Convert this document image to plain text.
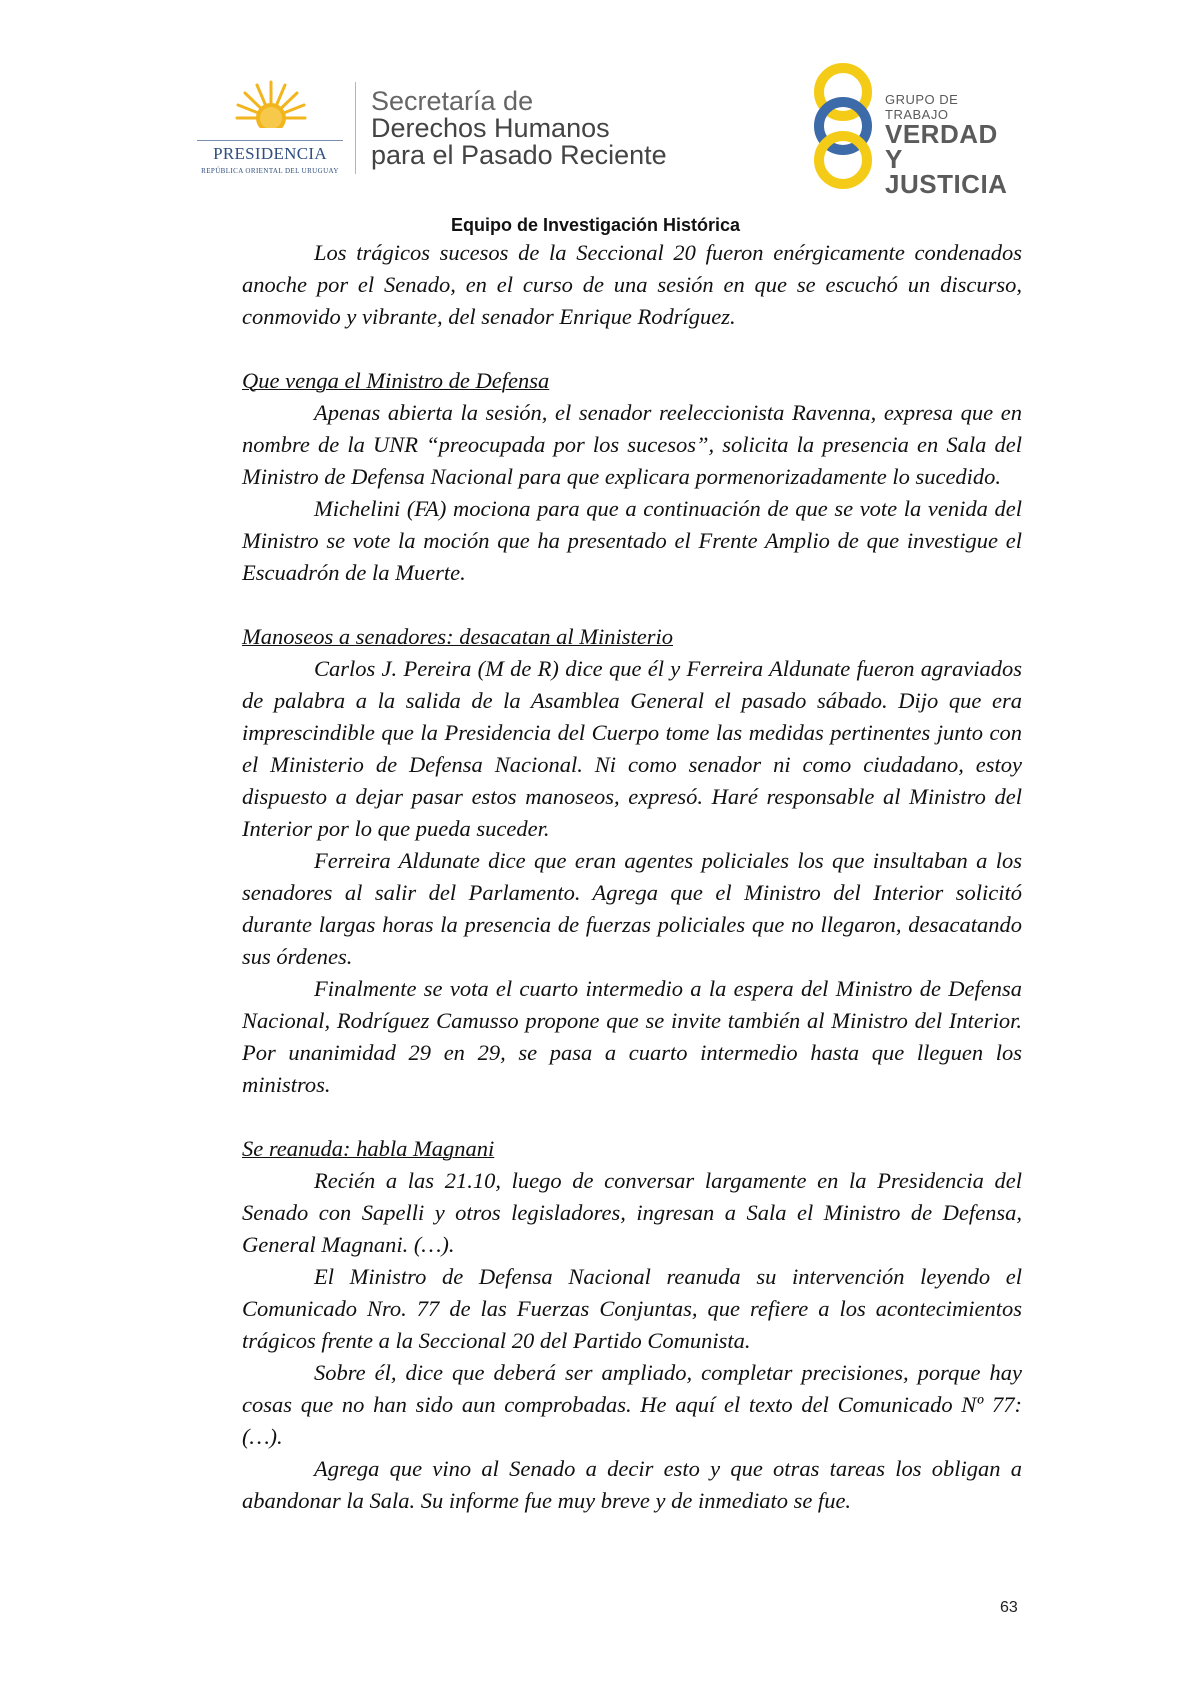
PRESIDENCIA
REPÚBLICA ORIENTAL DEL URUGUAY
Secretaría de
Derechos Humanos
para el Pasado Reciente
GRUPO DE TRABAJO
VERDAD Y
JUSTICIA
Equipo de Investigación Histórica

Los trágicos sucesos de la Seccional 20 fueron enérgicamente condenados anoche por el Senado, en el curso de una sesión en que se escuchó un discurso, conmovido y vibrante, del senador Enrique Rodríguez.

Que venga el Ministro de Defensa

Apenas abierta la sesión, el senador reeleccionista Ravenna, expresa que en nombre de la UNR “preocupada por los sucesos”, solicita la presencia en Sala del Ministro de Defensa Nacional para que explicara pormenorizadamente lo sucedido.

Michelini (FA) mociona para que a continuación de que se vote la venida del Ministro se vote la moción que ha presentado el Frente Amplio de que investigue el Escuadrón de la Muerte.

Manoseos a senadores: desacatan al Ministerio

Carlos J. Pereira (M de R) dice que él y Ferreira Aldunate fueron agraviados de palabra a la salida de la Asamblea General el pasado sábado. Dijo que era imprescindible que la Presidencia del Cuerpo tome las medidas pertinentes junto con el Ministerio de Defensa Nacional. Ni como senador ni como ciudadano, estoy dispuesto a dejar pasar estos manoseos, expresó. Haré responsable al Ministro del Interior por lo que pueda suceder.

Ferreira Aldunate dice que eran agentes policiales los que insultaban a los senadores al salir del Parlamento. Agrega que el Ministro del Interior solicitó durante largas horas la presencia de fuerzas policiales que no llegaron, desacatando sus órdenes.

Finalmente se vota el cuarto intermedio a la espera del Ministro de Defensa Nacional, Rodríguez Camusso propone que se invite también al Ministro del Interior. Por unanimidad 29 en 29, se pasa a cuarto intermedio hasta que lleguen los ministros.

Se reanuda: habla Magnani

Recién a las 21.10, luego de conversar largamente en la Presidencia del Senado con Sapelli y otros legisladores, ingresan a Sala el Ministro de Defensa, General Magnani. (…).

El Ministro de Defensa Nacional reanuda su intervención leyendo el Comunicado Nro. 77 de las Fuerzas Conjuntas, que refiere a los acontecimientos trágicos frente a la Seccional 20 del Partido Comunista.

Sobre él, dice que deberá ser ampliado, completar precisiones, porque hay cosas que no han sido aun comprobadas. He aquí el texto del Comunicado Nº 77: (…).

Agrega que vino al Senado a decir esto y que otras tareas los obligan a abandonar la Sala. Su informe fue muy breve y de inmediato se fue.

63
